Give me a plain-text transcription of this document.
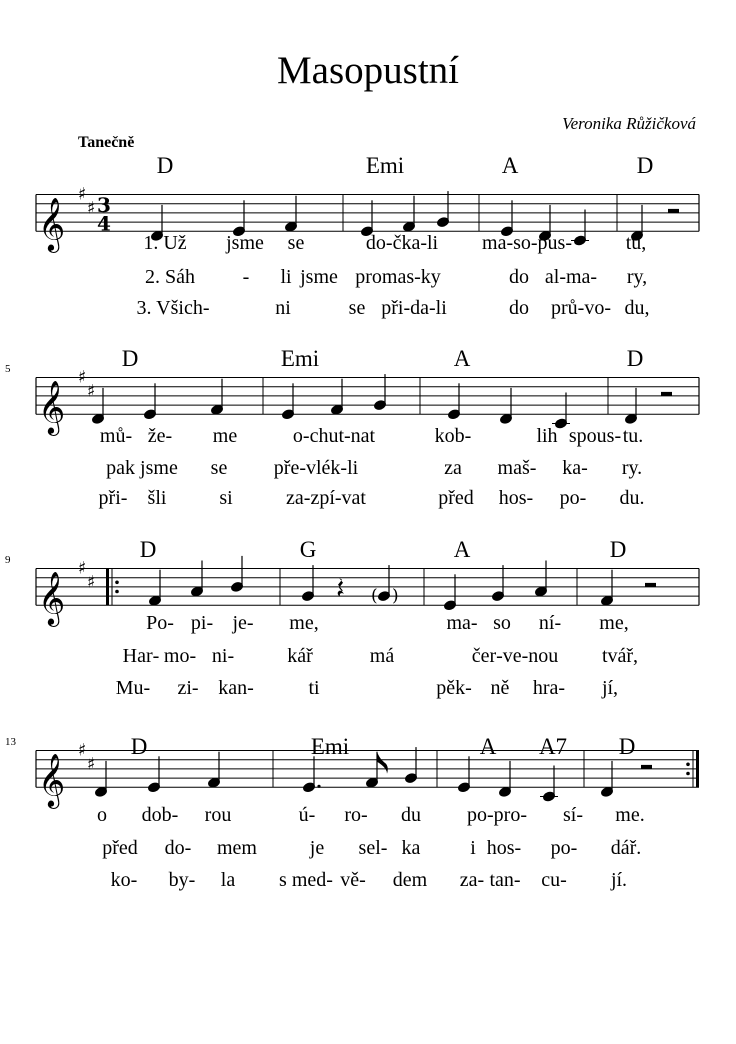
Masopustní
Veronika Růžičková
Tanečně
𝄞
♯
♯ 3
4
𝄞
♯
♯
𝄞
♯
♯
( )
𝄞
♯
♯
D	Emi	A	D
1. Už jsme se	do‑čka‑li ma‑so‑pus‑	tu,
2. Sáh ‑ li jsme promas‑ky	do al‑ma‑ ry,
3. Všich‑	ni	se při‑da‑li	do prů‑vo‑ du,
5	D	Emi	A	D
mů‑ že‑ me	o‑chut‑nat	kob‑	lih spous‑ tu.
pak jsme se pře‑vlék‑li	za maš‑ ka‑ ry.
při‑ šli	si	za‑zpí‑vat	před hos‑ po‑ du.
9	D	G	A	D
Po‑ pi‑ je‑ me,	ma‑ so ní‑ me,
Har‑ mo‑ ni‑	kář	má	čer‑ve‑nou tvář,
Mu‑ zi‑ kan‑	ti	pěk‑ ně hra‑ jí,
13	D	Emi	A A7 D
o dob‑ rou	ú‑ ro‑ du po‑pro‑ sí‑ me.
před do‑ mem	je sel‑ ka i hos‑ po‑ dář.
ko‑ by‑ la s med‑ vě‑ dem za‑ tan‑ cu‑ jí.
